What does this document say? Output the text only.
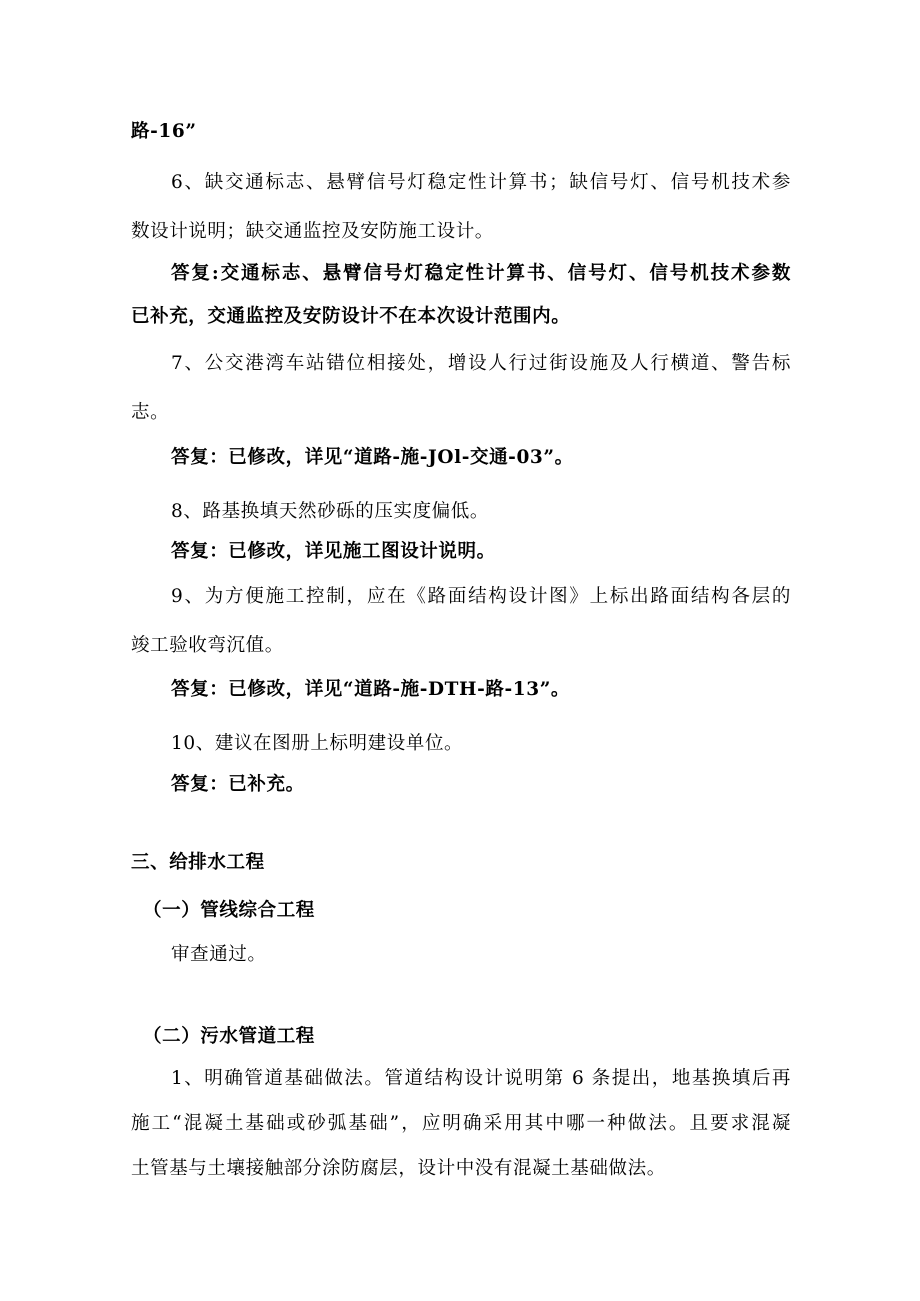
路-16”
6、缺交通标志、悬臂信号灯稳定性计算书；缺信号灯、信号机技术参
数设计说明；缺交通监控及安防施工设计。
答复:交通标志、悬臂信号灯稳定性计算书、信号灯、信号机技术参数
已补充，交通监控及安防设计不在本次设计范围内。
7、公交港湾车站错位相接处，增设人行过街设施及人行横道、警告标
志。
答复：已修改，详见“道路-施-JOl-交通-03”。
8、路基换填天然砂砾的压实度偏低。
答复：已修改，详见施工图设计说明。
9、为方便施工控制，应在《路面结构设计图》上标出路面结构各层的
竣工验收弯沉值。
答复：已修改，详见“道路-施-DTH-路-13”。
10、建议在图册上标明建设单位。
答复：已补充。
三、给排水工程
（一）管线综合工程
审查通过。
（二）污水管道工程
1、明确管道基础做法。管道结构设计说明第 6 条提出，地基换填后再
施工“混凝土基础或砂弧基础”，应明确采用其中哪一种做法。且要求混凝
土管基与土壤接触部分涂防腐层，设计中没有混凝土基础做法。
